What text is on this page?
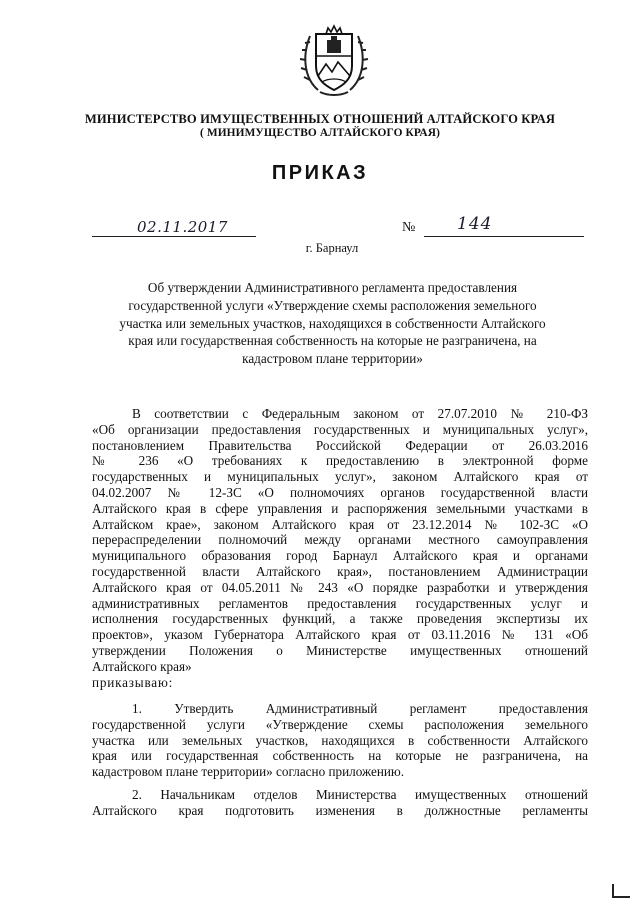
МИНИСТЕРСТВО ИМУЩЕСТВЕННЫХ ОТНОШЕНИЙ АЛТАЙСКОГО КРАЯ
( МИНИМУЩЕСТВО АЛТАЙСКОГО КРАЯ)
ПРИКАЗ
02.11.2017	№ 144
г. Барнаул
Об утверждении Административного регламента предоставления
государственной услуги «Утверждение схемы расположения земельного
участка или земельных участков, находящихся в собственности Алтайского
края или государственная собственность на которые не разграничена, на
кадастровом плане территории»

В соответствии с Федеральным законом от 27.07.2010 № 210-ФЗ

«Об организации предоставления государственных и муниципальных услуг»,

постановлением Правительства Российской Федерации от 26.03.2016

№ 236 «О требованиях к предоставлению в электронной форме

государственных и муниципальных услуг», законом Алтайского края от

04.02.2007 № 12-ЗС «О полномочиях органов государственной власти

Алтайского края в сфере управления и распоряжения земельными участками в

Алтайском крае», законом Алтайского края от 23.12.2014 № 102-ЗС «О

перераспределении полномочий между органами местного самоуправления

муниципального образования город Барнаул Алтайского края и органами

государственной власти Алтайского края», постановлением Администрации

Алтайского края от 04.05.2011 № 243 «О порядке разработки и утверждения

административных регламентов предоставления государственных услуг и

исполнения государственных функций, а также проведения экспертизы их

проектов», указом Губернатора Алтайского края от 03.11.2016 № 131 «Об

утверждении Положения о Министерстве имущественных отношений

Алтайского края»

приказываю:

1. Утвердить Административный регламент предоставления

государственной услуги «Утверждение схемы расположения земельного

участка или земельных участков, находящихся в собственности Алтайского

края или государственная собственность на которые не разграничена, на

кадастровом плане территории» согласно приложению.

2. Начальникам отделов Министерства имущественных отношений

Алтайского края подготовить изменения в должностные регламенты
